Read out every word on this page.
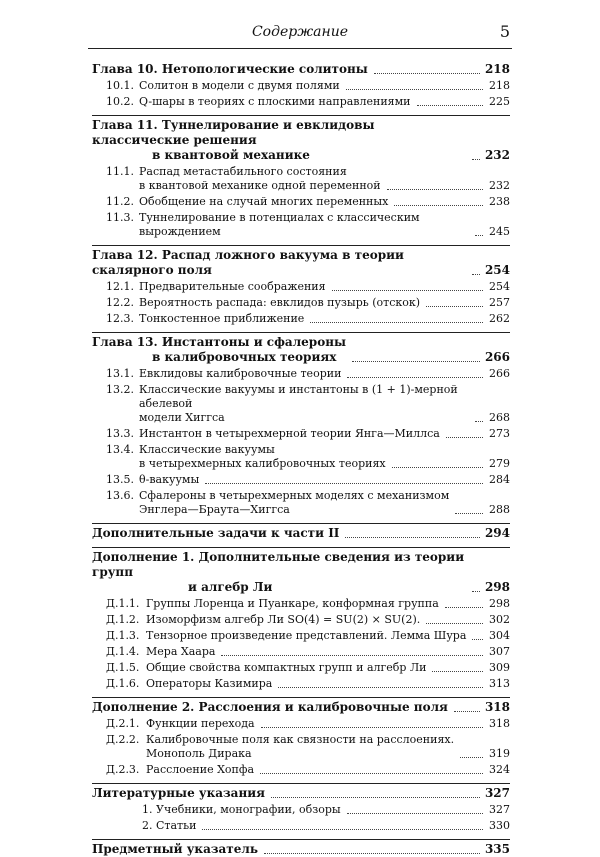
Содержание	5
Глава 10. Нетопологические солитоны	218
10.1. Солитон в модели с двумя полями	218
10.2. Q-шары в теориях с плоскими направлениями	225
Глава 11. Туннелирование и евклидовы классические решения
в квантовой механике	232
11.1. Распад метастабильного состояния
в квантовой механике одной переменной	232
11.2. Обобщение на случай многих переменных	238
11.3. Туннелирование в потенциалах с классическим вырождением	245
Глава 12. Распад ложного вакуума в теории скалярного поля	254
12.1. Предварительные соображения	254
12.2. Вероятность распада: евклидов пузырь (отскок)	257
12.3. Тонкостенное приближение	262
Глава 13. Инстантоны и сфалероны
в калибровочных теориях	266
13.1. Евклидовы калибровочные теории	266
13.2. Классические вакуумы и инстантоны в (1 + 1)-мерной абелевой
модели Хиггса	268
13.3. Инстантон в четырехмерной теории Янга—Миллса	273
13.4. Классические вакуумы
в четырехмерных калибровочных теориях	279
13.5. θ-вакуумы	284
13.6. Сфалероны в четырехмерных моделях с механизмом
Энглера—Браута—Хиггса	288
Дополнительные задачи к части II	294
Дополнение 1. Дополнительные сведения из теории групп
и алгебр Ли	298
Д.1.1. Группы Лоренца и Пуанкаре, конформная группа	298
Д.1.2. Изоморфизм алгебр Ли SO(4) = SU(2) × SU(2).	302
Д.1.3. Тензорное произведение представлений. Лемма Шура 304
Д.1.4. Мера Хаара	307
Д.1.5. Общие свойства компактных групп и алгебр Ли	309
Д.1.6. Операторы Казимира	313
Дополнение 2. Расслоения и калибровочные поля	318
Д.2.1. Функции перехода	318
Д.2.2. Калибровочные поля как связности на расслоениях.
Монополь Дирака	319
Д.2.3. Расслоение Хопфа	324
Литературные указания	327
1. Учебники, монографии, обзоры	327
2. Статьи	330
Предметный указатель	335
